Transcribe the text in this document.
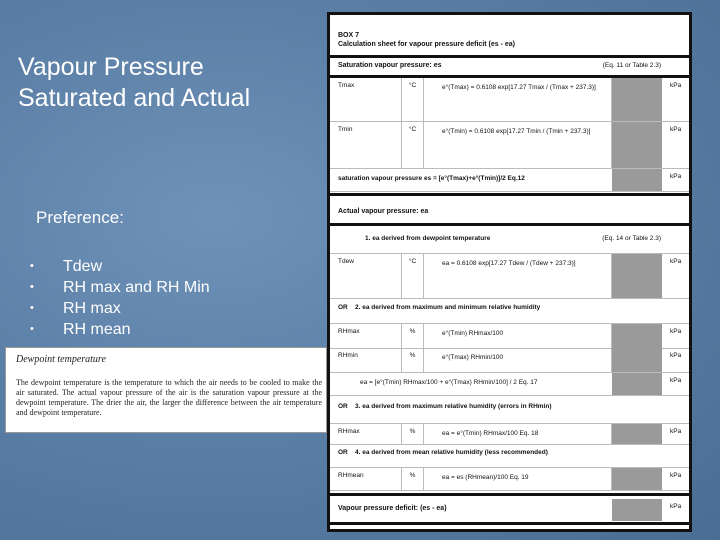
Vapour Pressure
Saturated and Actual
Preference:
•	Tdew
•	RH max and RH Min
•	RH max
•	RH mean
Dewpoint temperature
The dewpoint temperature is the temperature to which the air needs to be cooled to make the air saturated. The actual vapour pressure of the air is the saturation vapour pressure at the dewpoint temperature. The drier the air, the larger the difference between the air temperature and dewpoint temperature.
BOX 7
Calculation sheet for vapour pressure deficit (es - ea)
Saturation vapour pressure: es	(Eq. 11 or Table 2.3)
Tmax	°C	e°(Tmax) = 0.6108 exp[17.27 Tmax / (Tmax + 237.3)]	kPa
Tmin	°C	e°(Tmin) = 0.6108 exp[17.27 Tmin / (Tmin + 237.3)]	kPa
saturation vapour pressure es = [e°(Tmax)+e°(Tmin)]/2 Eq.12	kPa
Actual vapour pressure: ea
1. ea derived from dewpoint temperature	(Eq. 14 or Table 2.3)
Tdew	°C	ea = 0.6108 exp[17.27 Tdew / (Tdew + 237.3)]	kPa
OR 2. ea derived from maximum and minimum relative humidity
RHmax	%	e°(Tmin) RHmax/100	kPa
RHmin	%	e°(Tmax) RHmin/100	kPa
ea = [e°(Tmin) RHmax/100 + e°(Tmax) RHmin/100] / 2 Eq. 17	kPa
OR 3. ea derived from maximum relative humidity (errors in RHmin)
RHmax	%	ea = e°(Tmin) RHmax/100 Eq. 18	kPa
OR 4. ea derived from mean relative humidity (less recommended)
RHmean	%	ea = es (RHmean)/100 Eq. 19	kPa
Vapour pressure deficit: (es - ea)	kPa
